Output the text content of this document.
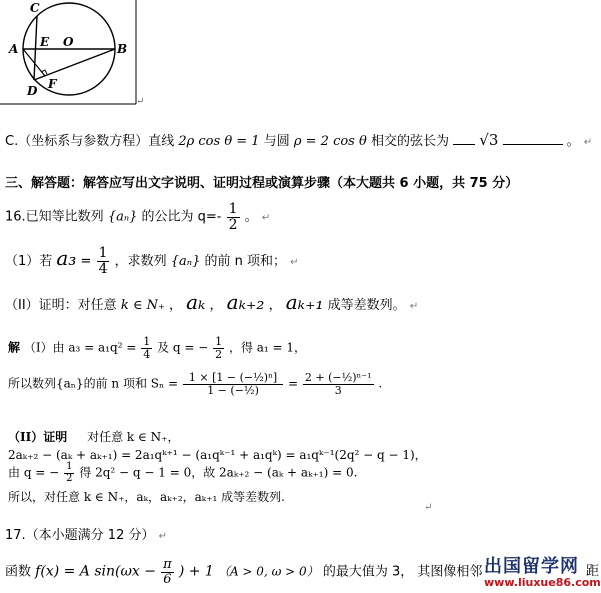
C
E O
A	B
F
D
↵
C.（坐标系与参数方程）直线 2ρ cos θ = 1 与圆 ρ = 2 cos θ 相交的弦长为 √3	。 ↵
三、解答题：解答应写出文字说明、证明过程或演算步骤（本大题共 6 小题，共 75 分）
16.已知等比数列 {aₙ} 的公比为 $q=- \frac{1}{2}$ 。 ↵
（1）若 $a_3 = \frac{1}{4}$ ，求数列 {aₙ} 的前 n 项和； ↵
（II）证明：对任意 k ∈ N₊ ， aₖ ， aₖ₊₂ ， aₖ₊₁ 成等差数列。 ↵
解 （I）由 $a_3 = a_1q^2 = \frac{1}{4}$ 及 q = − $\frac{1}{2}$ ，得 a₁ = 1，
所以数列{aₙ}的前 n 项和 $S_n = \frac{\text{1 × [1 − (−½)ⁿ]}}{\text{1 − (−½)}} = \frac{\text{2 + (−½)ⁿ⁻¹}}{3}$ .
（II）证明 对任意 k ∈ N₊，
2aₖ₊₂ − (aₖ + aₖ₊₁) = 2a₁qᵏ⁺¹ − (a₁qᵏ⁻¹ + a₁qᵏ) = a₁qᵏ⁻¹(2q² − q − 1)，
由 q = − $\frac{1}{2}$ 得 2q² − q − 1 = 0，故 2aₖ₊₂ − (aₖ + aₖ₊₁) = 0.
所以，对任意 k ∈ N₊，aₖ，aₖ₊₂，aₖ₊₁ 成等差数列.
↵
17.（本小题满分 12 分） ↵
函数 f(x) = A $\sin(\omega x - \frac{\pi}{6}$ ) + 1 （A > 0, ω > 0） 的最大值为 3， 其图像相邻	距
出国留学网
www.liuxue86.com
